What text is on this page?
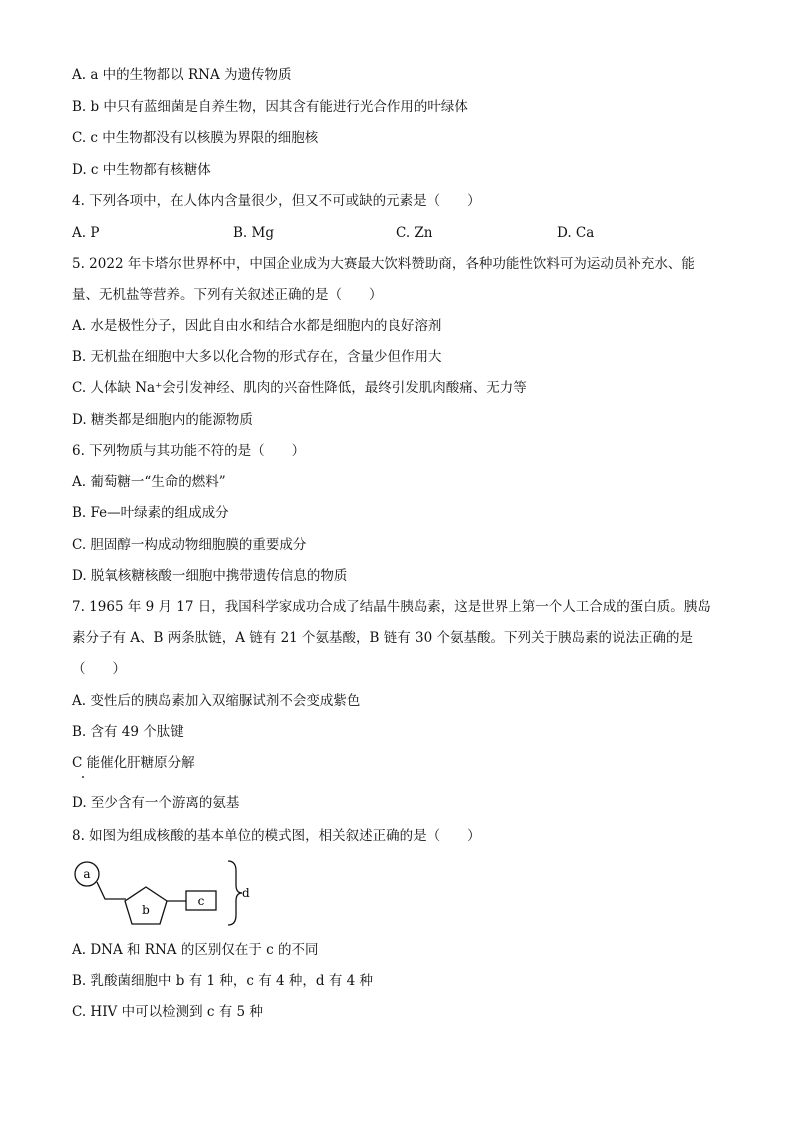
A. a 中的生物都以 RNA 为遗传物质
B. b 中只有蓝细菌是自养生物，因其含有能进行光合作用的叶绿体
C. c 中生物都没有以核膜为界限的细胞核
D. c 中生物都有核糖体
4. 下列各项中，在人体内含量很少，但又不可或缺的元素是（　　）
A. P	B. Mg	C. Zn	D. Ca
5. 2022 年卡塔尔世界杯中，中国企业成为大赛最大饮料赞助商，各种功能性饮料可为运动员补充水、能
量、无机盐等营养。下列有关叙述正确的是（　　）
A. 水是极性分子，因此自由水和结合水都是细胞内的良好溶剂
B. 无机盐在细胞中大多以化合物的形式存在，含量少但作用大
C. 人体缺 Na⁺会引发神经、肌肉的兴奋性降低，最终引发肌肉酸痛、无力等
D. 糖类都是细胞内的能源物质
6. 下列物质与其功能不符的是（　　）
A. 葡萄糖一“生命的燃料”
B. Fe—叶绿素的组成成分
C. 胆固醇一构成动物细胞膜的重要成分
D. 脱氧核糖核酸一细胞中携带遗传信息的物质
7. 1965 年 9 月 17 日，我国科学家成功合成了结晶牛胰岛素，这是世界上第一个人工合成的蛋白质。胰岛
素分子有 A、B 两条肽链，A 链有 21 个氨基酸，B 链有 30 个氨基酸。下列关于胰岛素的说法正确的是
（　　）
A. 变性后的胰岛素加入双缩脲试剂不会变成紫色
B. 含有 49 个肽键
C 能催化肝糖原分解
D. 至少含有一个游离的氨基
8. 如图为组成核酸的基本单位的模式图，相关叙述正确的是（　　）
a
b
c
d
A. DNA 和 RNA 的区别仅在于 c 的不同
B. 乳酸菌细胞中 b 有 1 种，c 有 4 种，d 有 4 种
C. HIV 中可以检测到 c 有 5 种
